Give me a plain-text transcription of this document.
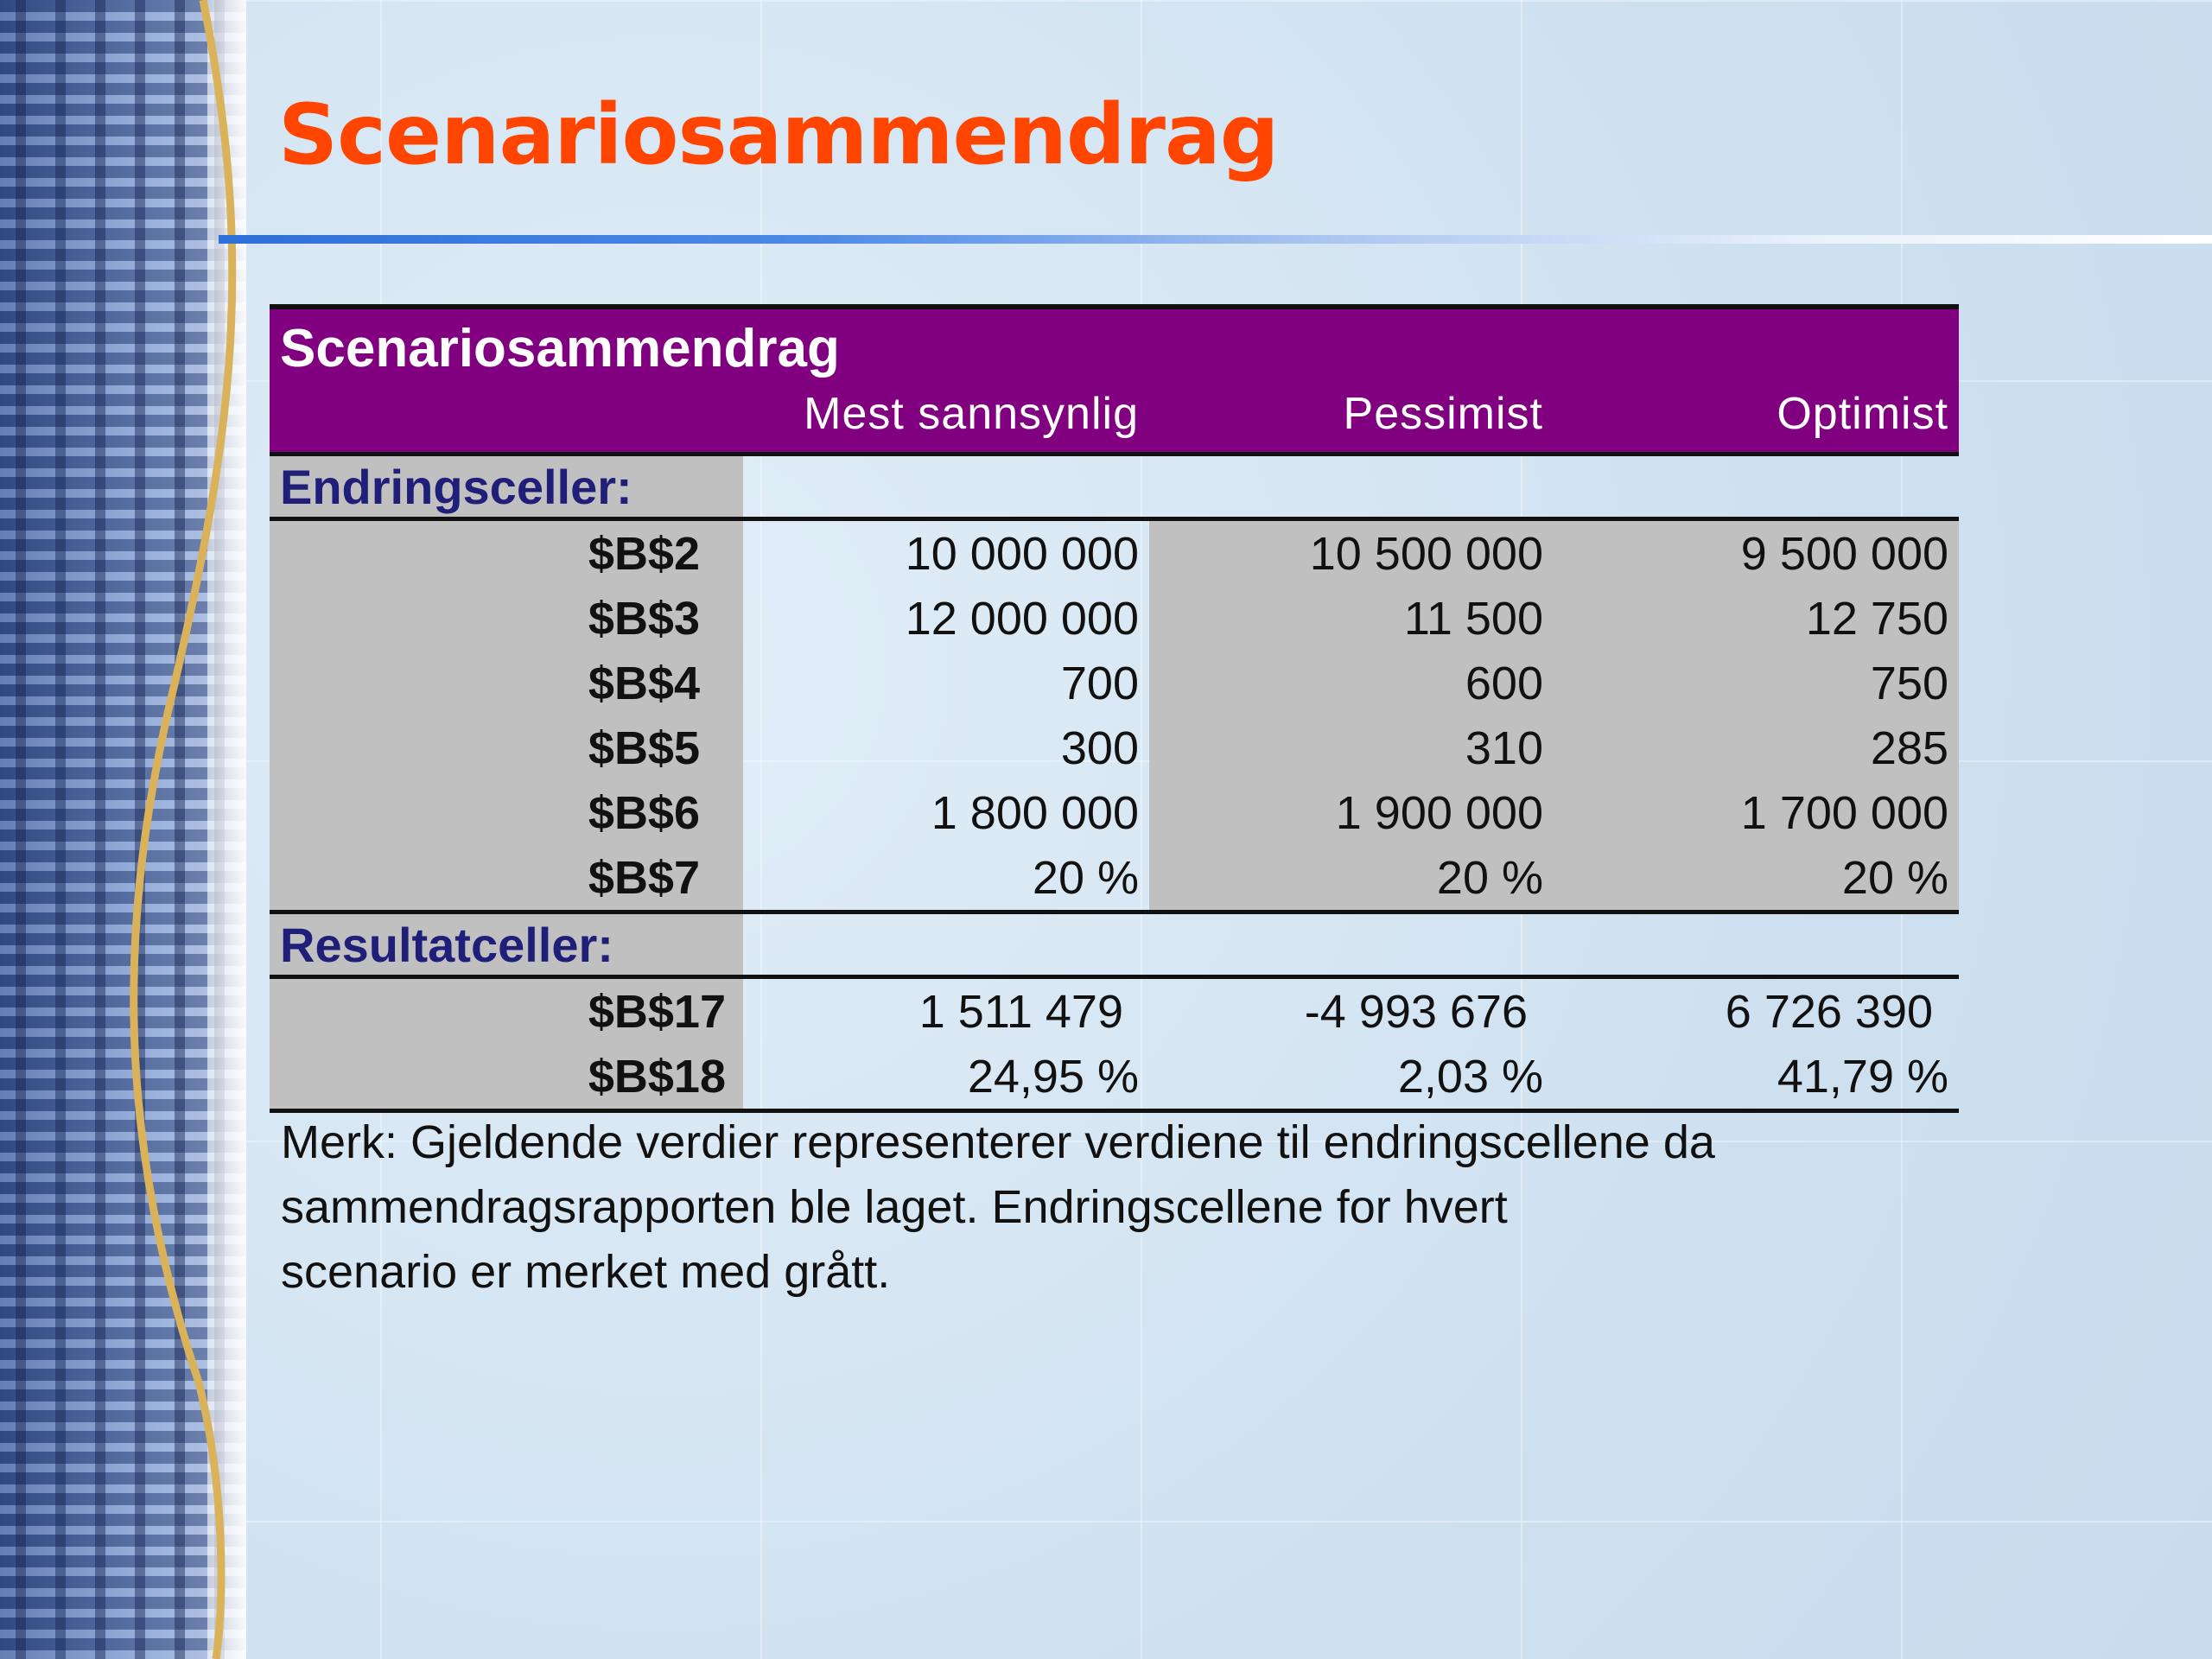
Scenariosammendrag
Scenariosammendrag			
	Mest sannsynlig	Pessimist	Optimist
Endringsceller:			
$B$2	10 000 000	10 500 000	9 500 000
$B$3	12 000 000	11 500	12 750
$B$4	700	600	750
$B$5	300	310	285
$B$6	1 800 000	1 900 000	1 700 000
$B$7	20 %	20 %	20 %
Resultatceller:			
$B$17	1 511 479	-4 993 676	6 726 390
$B$18	24,95 %	2,03 %	41,79 %

Merk: Gjeldende verdier representerer verdiene til endringscellene da
sammendragsrapporten ble laget. Endringscellene for hvert
scenario er merket med grått.
